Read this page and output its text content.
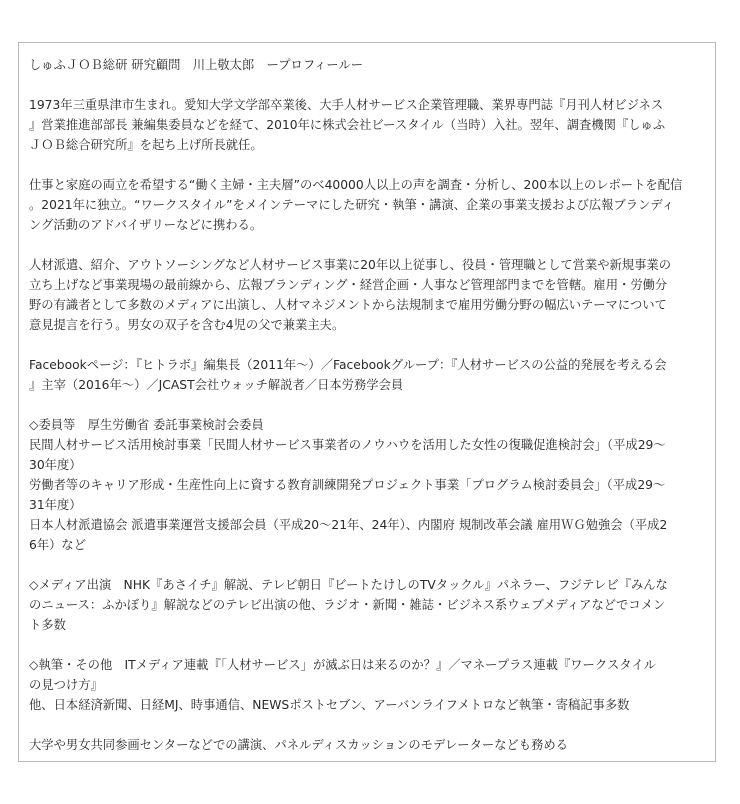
しゅふＪＯＢ総研 研究顧問　川上敬太郎　ープロフィールー

1973年三重県津市生まれ。愛知大学文学部卒業後、大手人材サービス企業管理職、業界専門誌『月刊人材ビジネス
』営業推進部部長 兼編集委員などを経て、2010年に株式会社ビースタイル（当時）入社。翌年、調査機関『しゅふ
ＪＯＢ総合研究所』を起ち上げ所長就任。

仕事と家庭の両立を希望する“働く主婦・主夫層”のべ40000人以上の声を調査・分析し、200本以上のレポートを配信
。2021年に独立。“ワークスタイル”をメインテーマにした研究・執筆・講演、企業の事業支援および広報ブランディ
ング活動のアドバイザリーなどに携わる。

人材派遣、紹介、アウトソーシングなど人材サービス事業に20年以上従事し、役員・管理職として営業や新規事業の
立ち上げなど事業現場の最前線から、広報ブランディング・経営企画・人事など管理部門までを管轄。雇用・労働分
野の有識者として多数のメディアに出演し、人材マネジメントから法規制まで雇用労働分野の幅広いテーマについて
意見提言を行う。男女の双子を含む4児の父で兼業主夫。

Facebookページ：『ヒトラボ』編集長（2011年～）／Facebookグループ：『人材サービスの公益的発展を考える会
』主宰（2016年～）／JCAST会社ウォッチ解説者／日本労務学会員

◇委員等　厚生労働省 委託事業検討会委員
民間人材サービス活用検討事業「民間人材サービス事業者のノウハウを活用した女性の復職促進検討会」（平成29～
30年度）
労働者等のキャリア形成・生産性向上に資する教育訓練開発プロジェクト事業「プログラム検討委員会」（平成29～
31年度）
日本人材派遣協会 派遣事業運営支援部会員（平成20～21年、24年）、内閣府 規制改革会議 雇用ＷＧ勉強会（平成2
6年）など

◇メディア出演　NHK『あさイチ』解説、テレビ朝日『ビートたけしのTVタックル』パネラー、フジテレビ『みんな
のニュース：ふかぼり』解説などのテレビ出演の他、ラジオ・新聞・雑誌・ビジネス系ウェブメディアなどでコメン
ト多数

◇執筆・その他　ITメディア連載『「人材サービス」が滅ぶ日は来るのか？』／マネープラス連載『ワークスタイル
の見つけ方』
他、日本経済新聞、日経MJ、時事通信、NEWSポストセブン、アーバンライフメトロなど執筆・寄稿記事多数

大学や男女共同参画センターなどでの講演、パネルディスカッションのモデレーターなども務める
